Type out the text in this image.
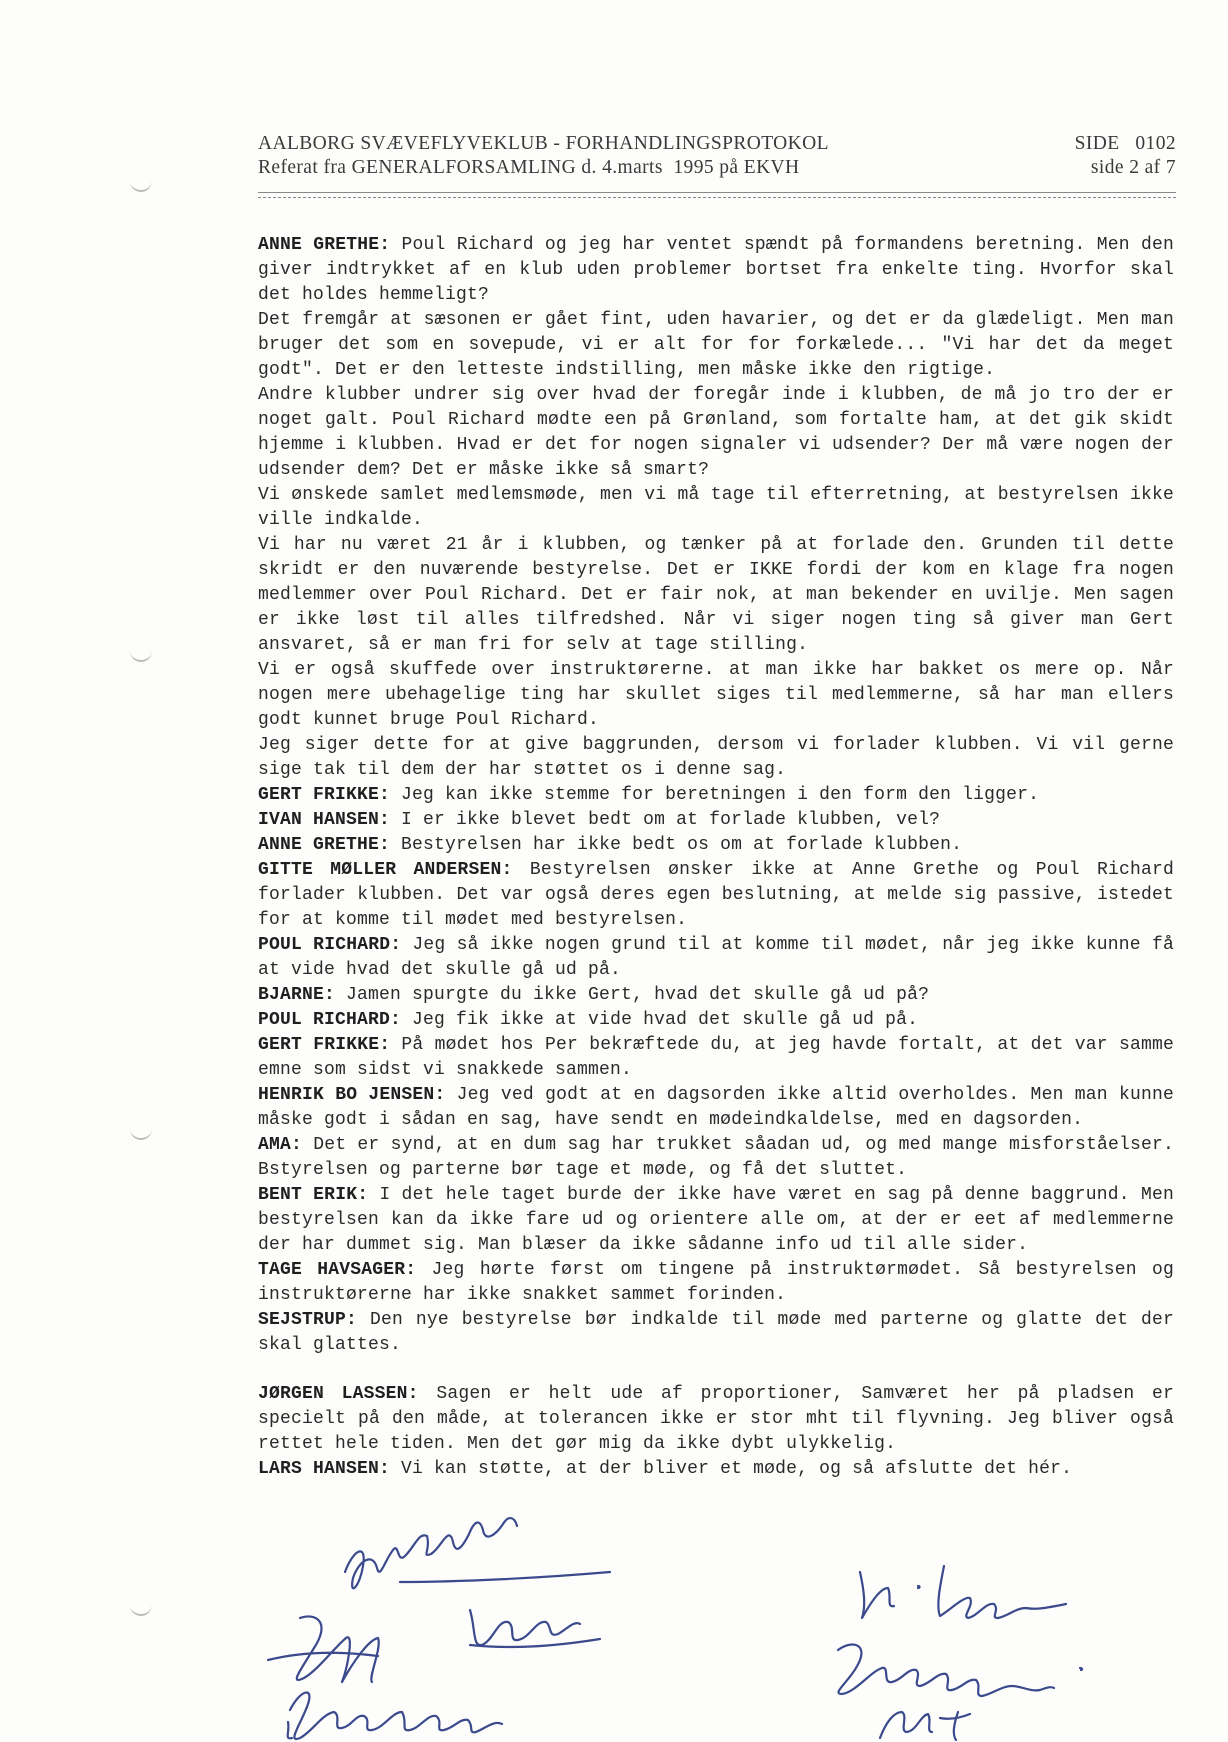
AALBORG SVÆVEFLYVEKLUB - FORHANDLINGSPROTOKOL	SIDE   0102
Referat fra GENERALFORSAMLING d. 4.marts  1995 på EKVH	side 2 af 7

ANNE GRETHE: Poul Richard og jeg har ventet spændt på formandens beretning. Men den giver indtrykket af en klub uden problemer bortset fra enkelte ting. Hvorfor skal det holdes hemmeligt?

Det fremgår at sæsonen er gået fint, uden havarier, og det er da glædeligt. Men man bruger det som en sovepude, vi er alt for for forkælede... "Vi har det da meget godt". Det er den letteste indstilling, men måske ikke den rigtige.

Andre klubber undrer sig over hvad der foregår inde i klubben, de må jo tro der er noget galt. Poul Richard mødte een på Grønland, som fortalte ham, at det gik skidt hjemme i klubben. Hvad er det for nogen signaler vi udsender? Der må være nogen der udsender dem? Det er måske ikke så smart?

Vi ønskede samlet medlemsmøde, men vi må tage til efterretning, at bestyrelsen ikke ville indkalde.

Vi har nu været 21 år i klubben, og tænker på at forlade den. Grunden til dette skridt er den nuværende bestyrelse. Det er IKKE fordi der kom en klage fra nogen medlemmer over Poul Richard. Det er fair nok, at man bekender en uvilje. Men sagen er ikke løst til alles tilfredshed. Når vi siger nogen ting så giver man Gert ansvaret, så er man fri for selv at tage stilling.

Vi er også skuffede over instruktørerne. at man ikke har bakket os mere op. Når nogen mere ubehagelige ting har skullet siges til medlemmerne, så har man ellers godt kunnet bruge Poul Richard.

Jeg siger dette for at give baggrunden, dersom vi forlader klubben. Vi vil gerne sige tak til dem der har støttet os i denne sag.

GERT FRIKKE: Jeg kan ikke stemme for beretningen i den form den ligger.

IVAN HANSEN: I er ikke blevet bedt om at forlade klubben, vel?

ANNE GRETHE: Bestyrelsen har ikke bedt os om at forlade klubben.

GITTE MØLLER ANDERSEN: Bestyrelsen ønsker ikke at Anne Grethe og Poul Richard forlader klubben. Det var også deres egen beslutning, at melde sig passive, istedet for at komme til mødet med bestyrelsen.

POUL RICHARD: Jeg så ikke nogen grund til at komme til mødet, når jeg ikke kunne få at vide hvad det skulle gå ud på.

BJARNE: Jamen spurgte du ikke Gert, hvad det skulle gå ud på?

POUL RICHARD: Jeg fik ikke at vide hvad det skulle gå ud på.

GERT FRIKKE: På mødet hos Per bekræftede du, at jeg havde fortalt, at det var samme emne som sidst vi snakkede sammen.

HENRIK BO JENSEN: Jeg ved godt at en dagsorden ikke altid overholdes. Men man kunne måske godt i sådan en sag, have sendt en mødeindkaldelse, med en dagsorden.

AMA: Det er synd, at en dum sag har trukket såadan ud, og med mange misforståelser. Bstyrelsen og parterne bør tage et møde, og få det sluttet.

BENT ERIK: I det hele taget burde der ikke have været en sag på denne baggrund. Men bestyrelsen kan da ikke fare ud og orientere alle om, at der er eet af medlemmerne der har dummet sig. Man blæser da ikke sådanne info ud til alle sider.

TAGE HAVSAGER: Jeg hørte først om tingene på instruktørmødet. Så bestyrelsen og instruktørerne har ikke snakket sammet forinden.

SEJSTRUP: Den nye bestyrelse bør indkalde til møde med parterne og glatte det der skal glattes.

JØRGEN LASSEN: Sagen er helt ude af proportioner, Samværet her på pladsen er specielt på den måde, at tolerancen ikke er stor mht til flyvning. Jeg bliver også rettet hele tiden. Men det gør mig da ikke dybt ulykkelig.

LARS HANSEN: Vi kan støtte, at der bliver et møde, og så afslutte det hér.
